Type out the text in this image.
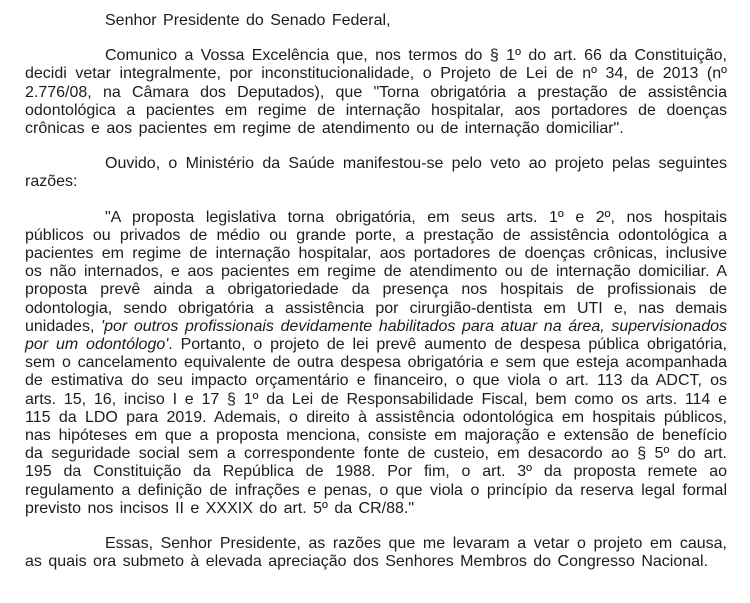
Senhor Presidente do Senado Federal,

Comunico a Vossa Excelência que, nos termos do § 1º do art. 66 da Constituição, decidi vetar integralmente, por inconstitucionalidade, o Projeto de Lei de nº 34, de 2013 (nº 2.776/08, na Câmara dos Deputados), que "Torna obrigatória a prestação de assistência odontológica a pacientes em regime de internação hospitalar, aos portadores de doenças crônicas e aos pacientes em regime de atendimento ou de internação domiciliar".

Ouvido, o Ministério da Saúde manifestou-se pelo veto ao projeto pelas seguintes razões:

"A proposta legislativa torna obrigatória, em seus arts. 1º e 2º, nos hospitais públicos ou privados de médio ou grande porte, a prestação de assistência odontológica a pacientes em regime de internação hospitalar, aos portadores de doenças crônicas, inclusive os não internados, e aos pacientes em regime de atendimento ou de internação domiciliar. A proposta prevê ainda a obrigatoriedade da presença nos hospitais de profissionais de odontologia, sendo obrigatória a assistência por cirurgião-dentista em UTI e, nas demais unidades, 'por outros profissionais devidamente habilitados para atuar na área, supervisionados por um odontólogo'. Portanto, o projeto de lei prevê aumento de despesa pública obrigatória, sem o cancelamento equivalente de outra despesa obrigatória e sem que esteja acompanhada de estimativa do seu impacto orçamentário e financeiro, o que viola o art. 113 da ADCT, os arts. 15, 16, inciso I e 17 § 1º da Lei de Responsabilidade Fiscal, bem como os arts. 114 e 115 da LDO para 2019. Ademais, o direito à assistência odontológica em hospitais públicos, nas hipóteses em que a proposta menciona, consiste em majoração e extensão de benefício da seguridade social sem a correspondente fonte de custeio, em desacordo ao § 5º do art. 195 da Constituição da República de 1988. Por fim, o art. 3º da proposta remete ao regulamento a definição de infrações e penas, o que viola o princípio da reserva legal formal previsto nos incisos II e XXXIX do art. 5º da CR/88."

Essas, Senhor Presidente, as razões que me levaram a vetar o projeto em causa, as quais ora submeto à elevada apreciação dos Senhores Membros do Congresso Nacional.
